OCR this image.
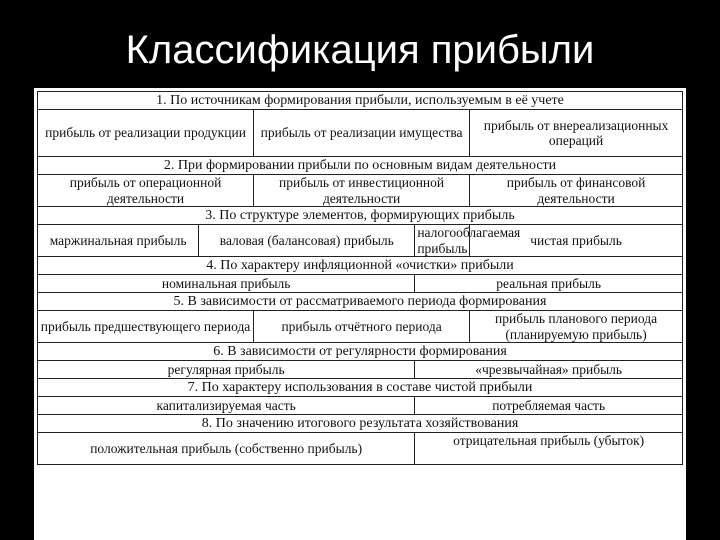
Классификация прибыли
1. По источникам формирования прибыли, используемым в её учете				
прибыль от реализации продукции		прибыль от реализации имущества		прибыль от внереализационных операций
2. При формировании прибыли по основным видам деятельности				
прибыль от операционной деятельности		прибыль от инвестиционной деятельности		прибыль от финансовой деятельности
3. По структуре элементов, формирующих прибыль				
маржинальная прибыль	валовая (балансовая) прибыль		налогооблагаемая прибыль	чистая прибыль
4. По характеру инфляционной «очистки» прибыли				
номинальная прибыль			реальная прибыль	
5. В зависимости от рассматриваемого периода формирования				
прибыль предшествующего периода		прибыль отчётного периода		прибыль планового периода (планируемую прибыль)
6. В зависимости от регулярности формирования				
регулярная прибыль			«чрезвычайная» прибыль	
7. По характеру использования в составе чистой прибыли				
капитализируемая часть			потребляемая часть	
8. По значению итогового результата хозяйствования				
положительная прибыль (собственно прибыль)			отрицательная прибыль (убыток)	
